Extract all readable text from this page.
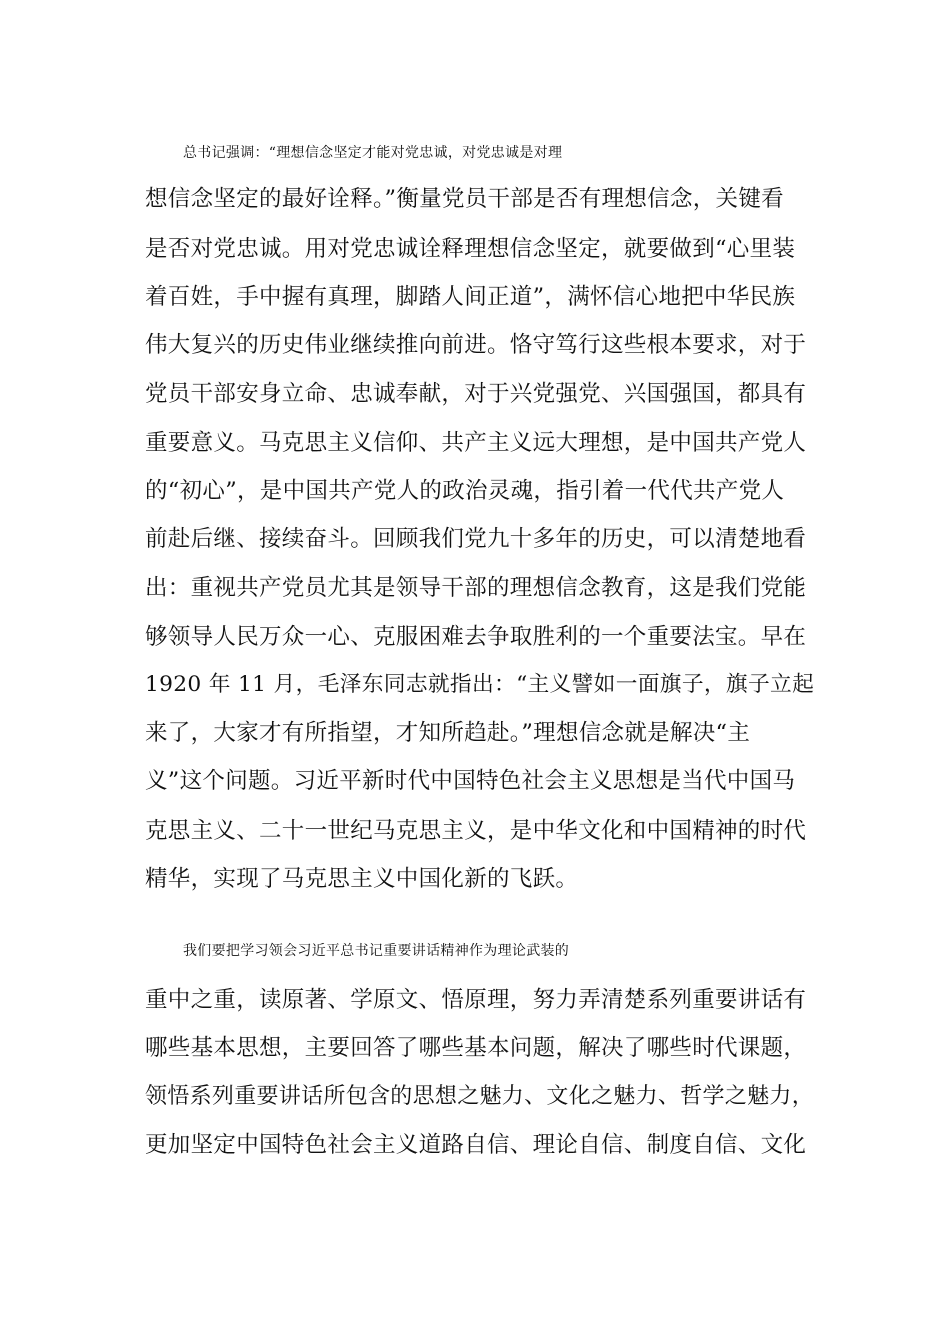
总书记强调：“理想信念坚定才能对党忠诚，对党忠诚是对理
想信念坚定的最好诠释。”衡量党员干部是否有理想信念，关键看
是否对党忠诚。用对党忠诚诠释理想信念坚定，就要做到“心里装
着百姓，手中握有真理，脚踏人间正道”，满怀信心地把中华民族
伟大复兴的历史伟业继续推向前进。恪守笃行这些根本要求，对于
党员干部安身立命、忠诚奉献，对于兴党强党、兴国强国，都具有
重要意义。马克思主义信仰、共产主义远大理想，是中国共产党人
的“初心”，是中国共产党人的政治灵魂，指引着一代代共产党人
前赴后继、接续奋斗。回顾我们党九十多年的历史，可以清楚地看
出：重视共产党员尤其是领导干部的理想信念教育，这是我们党能
够领导人民万众一心、克服困难去争取胜利的一个重要法宝。早在
1920 年 11 月，毛泽东同志就指出：“主义譬如一面旗子，旗子立起
来了，大家才有所指望，才知所趋赴。”理想信念就是解决“主
义”这个问题。习近平新时代中国特色社会主义思想是当代中国马
克思主义、二十一世纪马克思主义，是中华文化和中国精神的时代
精华，实现了马克思主义中国化新的飞跃。
我们要把学习领会习近平总书记重要讲话精神作为理论武装的
重中之重，读原著、学原文、悟原理，努力弄清楚系列重要讲话有
哪些基本思想，主要回答了哪些基本问题，解决了哪些时代课题，
领悟系列重要讲话所包含的思想之魅力、文化之魅力、哲学之魅力，
更加坚定中国特色社会主义道路自信、理论自信、制度自信、文化
